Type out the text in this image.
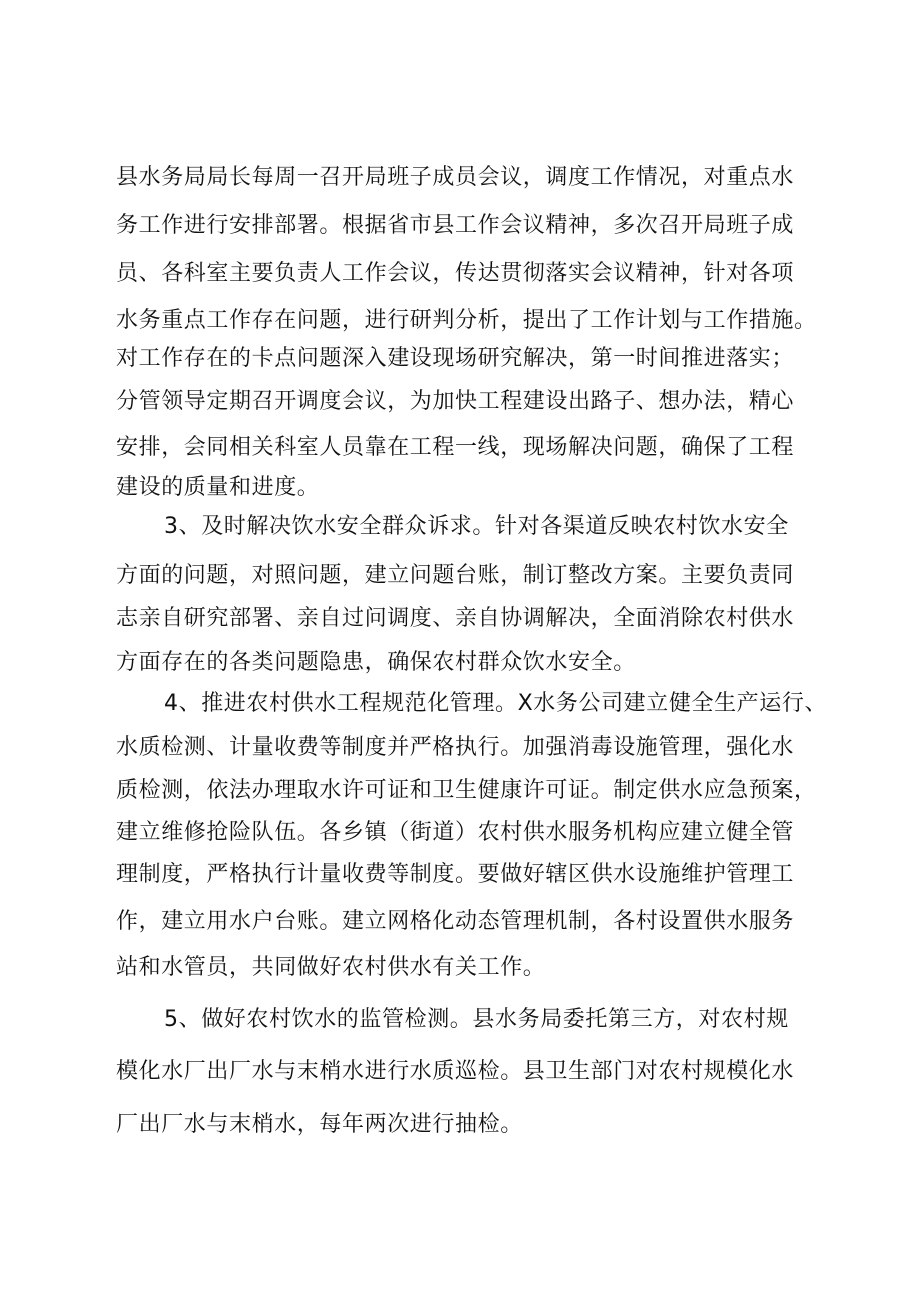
县水务局局长每周一召开局班子成员会议，调度工作情况，对重点水
务工作进行安排部署。根据省市县工作会议精神，多次召开局班子成
员、各科室主要负责人工作会议，传达贯彻落实会议精神，针对各项
水务重点工作存在问题，进行研判分析，提出了工作计划与工作措施。
对工作存在的卡点问题深入建设现场研究解决，第一时间推进落实；
分管领导定期召开调度会议，为加快工程建设出路子、想办法，精心
安排，会同相关科室人员靠在工程一线，现场解决问题，确保了工程
建设的质量和进度。
3、及时解决饮水安全群众诉求。针对各渠道反映农村饮水安全
方面的问题，对照问题，建立问题台账，制订整改方案。主要负责同
志亲自研究部署、亲自过问调度、亲自协调解决，全面消除农村供水
方面存在的各类问题隐患，确保农村群众饮水安全。
4、推进农村供水工程规范化管理。X水务公司建立健全生产运行、
水质检测、计量收费等制度并严格执行。加强消毒设施管理，强化水
质检测，依法办理取水许可证和卫生健康许可证。制定供水应急预案，
建立维修抢险队伍。各乡镇（街道）农村供水服务机构应建立健全管
理制度，严格执行计量收费等制度。要做好辖区供水设施维护管理工
作，建立用水户台账。建立网格化动态管理机制，各村设置供水服务
站和水管员，共同做好农村供水有关工作。
5、做好农村饮水的监管检测。县水务局委托第三方，对农村规
模化水厂出厂水与末梢水进行水质巡检。县卫生部门对农村规模化水
厂出厂水与末梢水，每年两次进行抽检。
